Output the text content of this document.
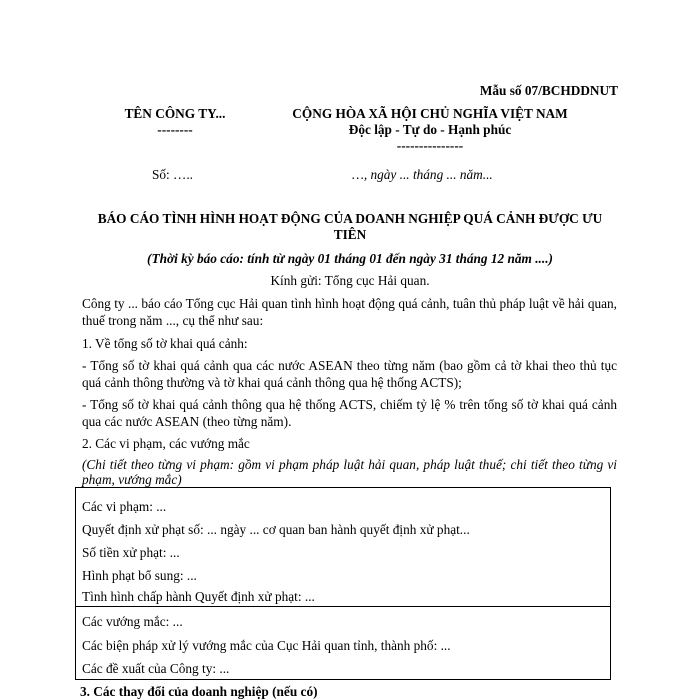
Mẫu số 07/BCHDDNUT
TÊN CÔNG TY...
--------
CỘNG HÒA XÃ HỘI CHỦ NGHĨA VIỆT NAM
Độc lập - Tự do - Hạnh phúc
---------------
Số: …..	…, ngày ... tháng ... năm...
BÁO CÁO TÌNH HÌNH HOẠT ĐỘNG CỦA DOANH NGHIỆP QUÁ CẢNH ĐƯỢC ƯU
TIÊN
(Thời kỳ báo cáo: tính từ ngày 01 tháng 01 đến ngày 31 tháng 12 năm ....)
Kính gửi: Tổng cục Hải quan.
Công ty ... báo cáo Tổng cục Hải quan tình hình hoạt động quá cảnh, tuân thủ pháp luật về hải quan, thuế trong năm ..., cụ thể như sau:
1. Về tổng số tờ khai quá cảnh:
- Tổng số tờ khai quá cảnh qua các nước ASEAN theo từng năm (bao gồm cả tờ khai theo thủ tục quá cảnh thông thường và tờ khai quá cảnh thông qua hệ thống ACTS);
- Tổng số tờ khai quá cảnh thông qua hệ thống ACTS, chiếm tỷ lệ % trên tổng số tờ khai quá cảnh qua các nước ASEAN (theo từng năm).
2. Các vi phạm, các vướng mắc
(Chi tiết theo từng vi phạm: gồm vi phạm pháp luật hải quan, pháp luật thuế; chi tiết theo từng vi phạm, vướng mắc)
Các vi phạm: ...
Quyết định xử phạt số: ... ngày ... cơ quan ban hành quyết định xử phạt...
Số tiền xử phạt: ...
Hình phạt bổ sung: ...
Tình hình chấp hành Quyết định xử phạt: ...
Các vướng mắc: ...
Các biện pháp xử lý vướng mắc của Cục Hải quan tỉnh, thành phố: ...
Các đề xuất của Công ty: ...
3. Các thay đổi của doanh nghiệp (nếu có)
